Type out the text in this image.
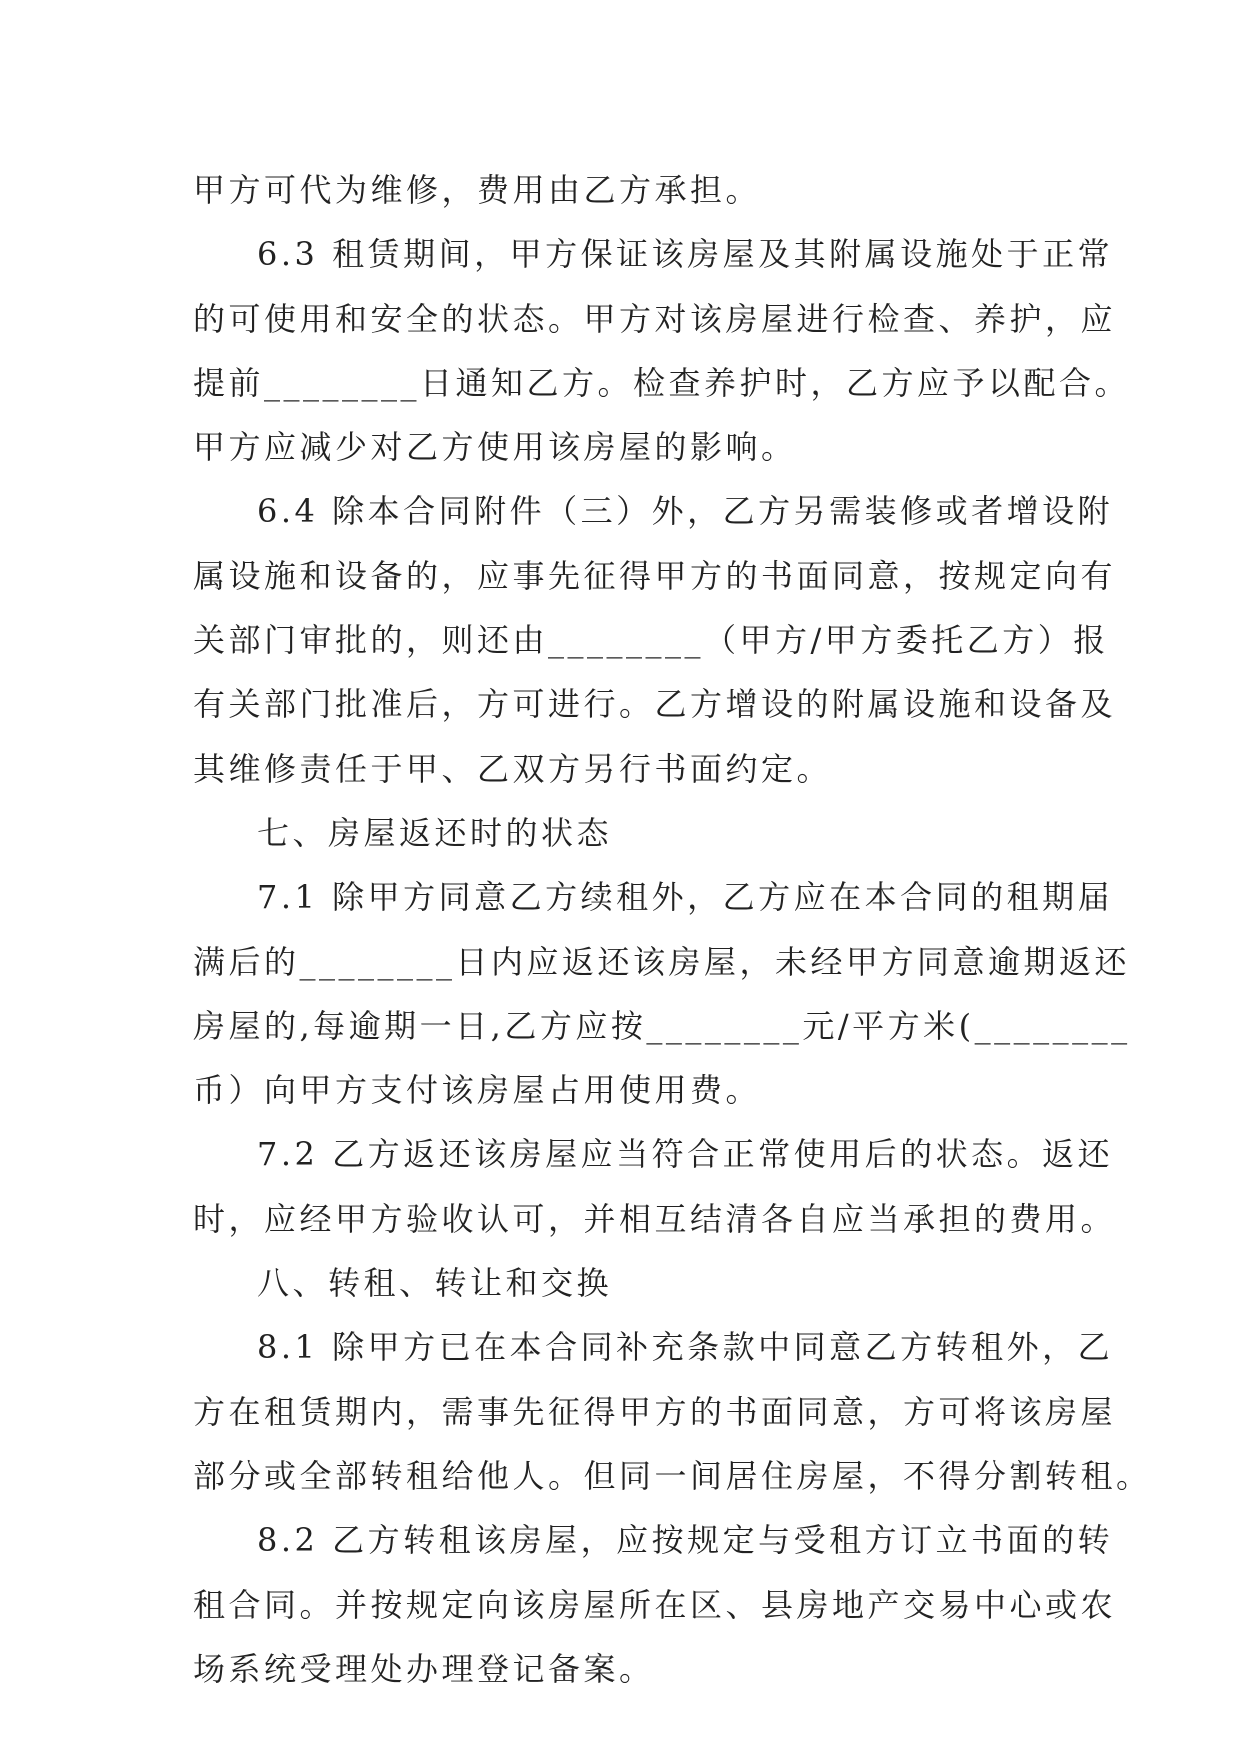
甲方可代为维修，费用由乙方承担。
6.3 租赁期间，甲方保证该房屋及其附属设施处于正常
的可使用和安全的状态。甲方对该房屋进行检查、养护，应
提前________日通知乙方。检查养护时，乙方应予以配合。
甲方应减少对乙方使用该房屋的影响。
6.4 除本合同附件（三）外，乙方另需装修或者增设附
属设施和设备的，应事先征得甲方的书面同意，按规定向有
关部门审批的，则还由________（甲方/甲方委托乙方）报
有关部门批准后，方可进行。乙方增设的附属设施和设备及
其维修责任于甲、乙双方另行书面约定。
七、房屋返还时的状态
7.1 除甲方同意乙方续租外，乙方应在本合同的租期届
满后的________日内应返还该房屋，未经甲方同意逾期返还
房屋的,每逾期一日,乙方应按________元/平方米(________
币）向甲方支付该房屋占用使用费。
7.2 乙方返还该房屋应当符合正常使用后的状态。返还
时，应经甲方验收认可，并相互结清各自应当承担的费用。
八、转租、转让和交换
8.1 除甲方已在本合同补充条款中同意乙方转租外，乙
方在租赁期内，需事先征得甲方的书面同意，方可将该房屋
部分或全部转租给他人。但同一间居住房屋，不得分割转租。
8.2 乙方转租该房屋，应按规定与受租方订立书面的转
租合同。并按规定向该房屋所在区、县房地产交易中心或农
场系统受理处办理登记备案。
